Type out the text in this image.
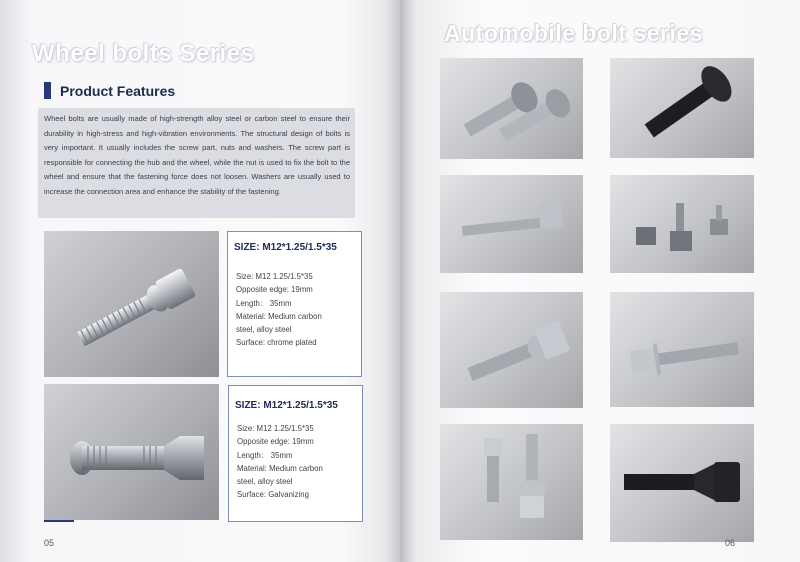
Wheel bolts Series
Product Features
Wheel bolts are usually made of high-strength alloy steel or carbon steel to ensure their durability in high-stress and high-vibration environments. The structural design of bolts is very important. It usually includes the screw part, nuts and washers. The screw part is responsible for connecting the hub and the wheel, while the nut is used to fix the bolt to the wheel and ensure that the fastening force does not loosen. Washers are usually used to increase the connection area and enhance the stability of the fastening.
SIZE: M12*1.25/1.5*35
Size: M12 1.25/1.5*35
Opposite edge: 19mm
Length： 35mm
Material: Medium carbon
steel, alloy steel
Surface: chrome plated
SIZE: M12*1.25/1.5*35
Size: M12 1.25/1.5*35
Opposite edge: 19mm
Length： 35mm
Material: Medium carbon
steel, alloy steel
Surface: Galvanizing
05
Automobile bolt series
06
